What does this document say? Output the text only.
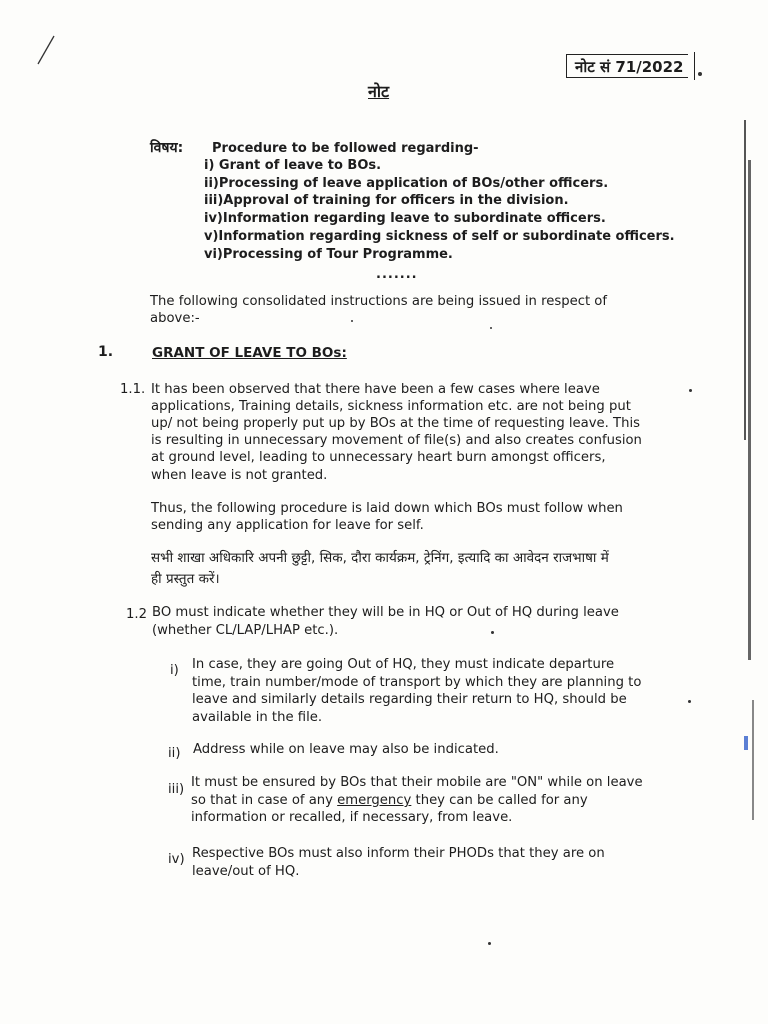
नोट सं 71/2022
नोट
विषय: Procedure to be followed regarding-
i) Grant of leave to BOs.
ii)Processing of leave application of BOs/other officers.
iii)Approval of training for officers in the division.
iv)Information regarding leave to subordinate officers.
v)Information regarding sickness of self or subordinate officers.
vi)Processing of Tour Programme.
.......
The following consolidated instructions are being issued in respect of
above:-
1.	GRANT OF LEAVE TO BOs:
1.1. It has been observed that there have been a few cases where leave
applications, Training details, sickness information etc. are not being put
up/ not being properly put up by BOs at the time of requesting leave. This
is resulting in unnecessary movement of file(s) and also creates confusion
at ground level, leading to unnecessary heart burn amongst officers,
when leave is not granted.
Thus, the following procedure is laid down which BOs must follow when
sending any application for leave for self.
सभी शाखा अधिकारि अपनी छुट्टी, सिक, दौरा कार्यक्रम, ट्रेनिंग, इत्यादि का आवेदन राजभाषा में
ही प्रस्तुत करें।
1.2 BO must indicate whether they will be in HQ or Out of HQ during leave
(whether CL/LAP/LHAP etc.).
i) In case, they are going Out of HQ, they must indicate departure
time, train number/mode of transport by which they are planning to
leave and similarly details regarding their return to HQ, should be
available in the file.
ii) Address while on leave may also be indicated.
iii) It must be ensured by BOs that their mobile are "ON" while on leave
so that in case of any emergency they can be called for any
information or recalled, if necessary, from leave.
iv) Respective BOs must also inform their PHODs that they are on
leave/out of HQ.
